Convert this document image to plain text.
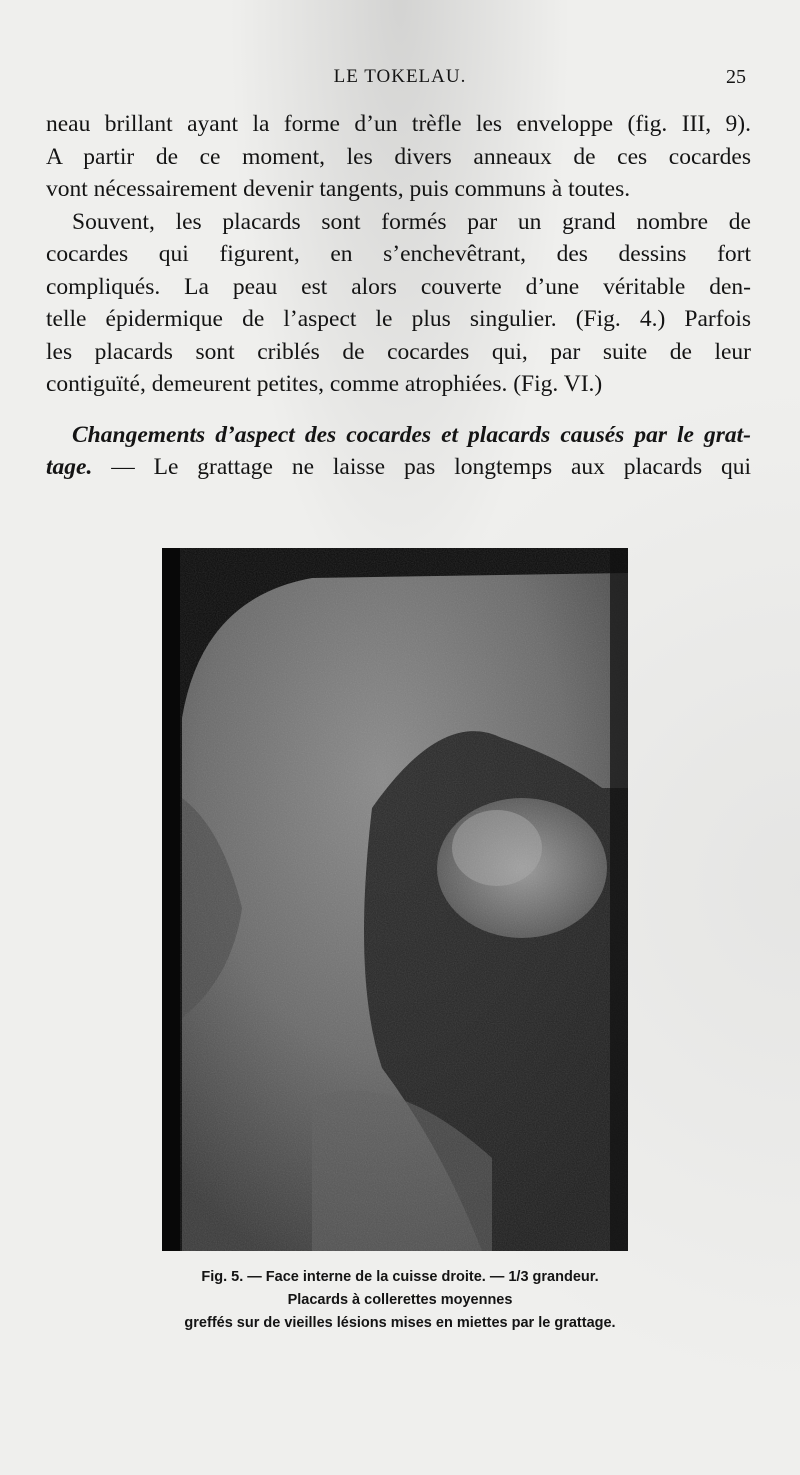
LE TOKELAU.	25
neau brillant ayant la forme d’un trèfle les enveloppe (fig. III, 9).
A partir de ce moment, les divers anneaux de ces cocardes
vont nécessairement devenir tangents, puis communs à toutes.
Souvent, les placards sont formés par un grand nombre de
cocardes qui figurent, en s’enchevêtrant, des dessins fort
compliqués. La peau est alors couverte d’une véritable den-
telle épidermique de l’aspect le plus singulier. (Fig. 4.) Parfois
les placards sont criblés de cocardes qui, par suite de leur
contiguïté, demeurent petites, comme atrophiées. (Fig. VI.)
Changements d’aspect des cocardes et placards causés par le grat-
tage. — Le grattage ne laisse pas longtemps aux placards qui
Fig. 5. — Face interne de la cuisse droite. — 1/3 grandeur.
Placards à collerettes moyennes
greffés sur de vieilles lésions mises en miettes par le grattage.
